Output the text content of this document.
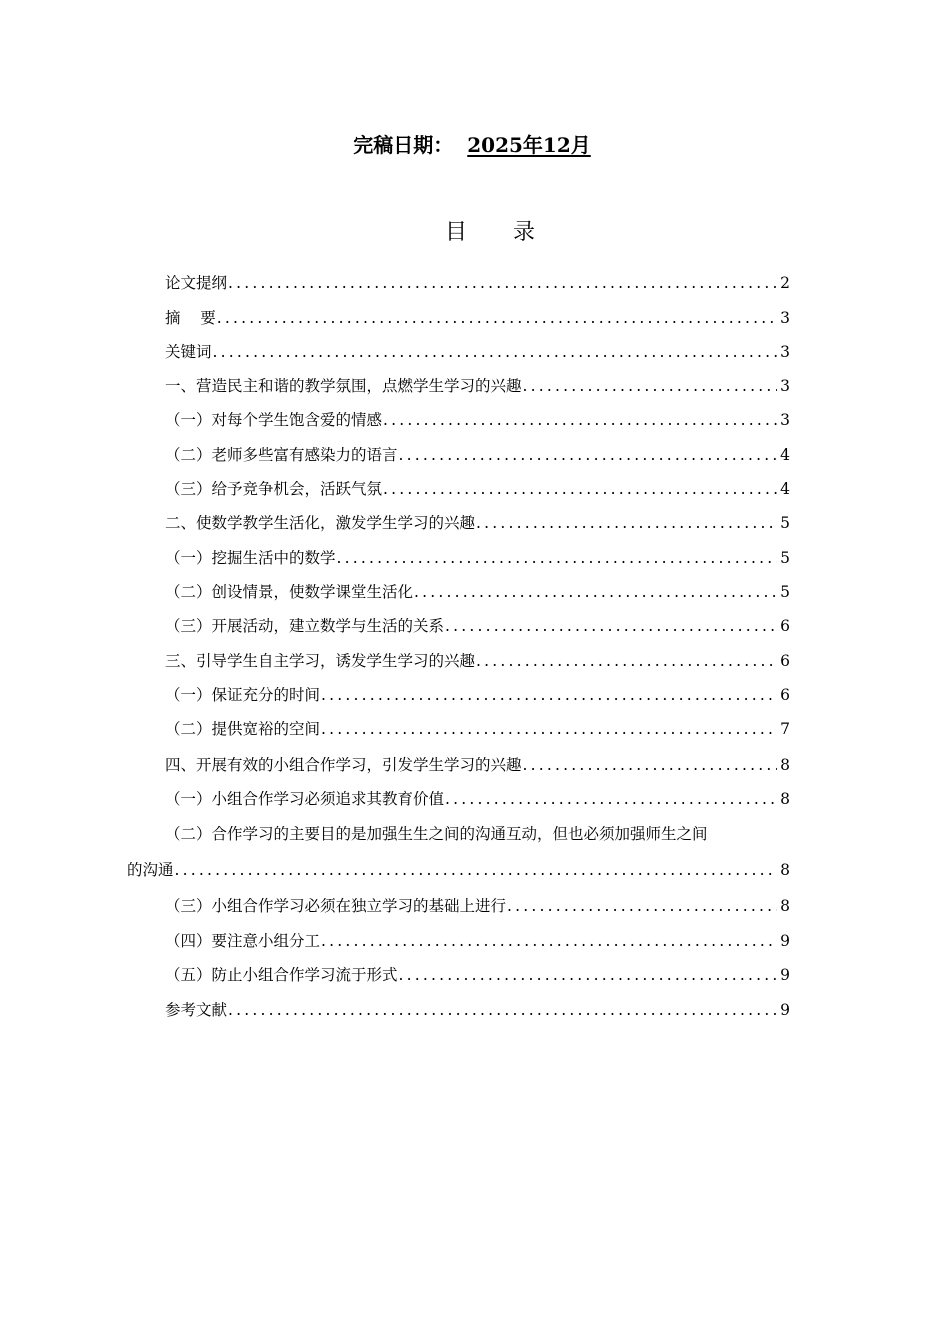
完稿日期： 2025年12月
目 录
论文提纲 .....	2
摘    要 .....	3
关键词 .....	3
一、营造民主和谐的教学氛围，点燃学生学习的兴趣 .....	3
（一）对每个学生饱含爱的情感 .....	3
（二）老师多些富有感染力的语言 .....	4
（三）给予竞争机会，活跃气氛 .....	4
二、使数学教学生活化，激发学生学习的兴趣 .....	5
（一）挖掘生活中的数学 .....	5
（二）创设情景，使数学课堂生活化 .....	5
（三）开展活动，建立数学与生活的关系 .....	6
三、引导学生自主学习，诱发学生学习的兴趣 .....	6
（一）保证充分的时间 .....	6
（二）提供宽裕的空间 .....	7
四、开展有效的小组合作学习，引发学生学习的兴趣 .....	8
（一）小组合作学习必须追求其教育价值 .....	8
（二）合作学习的主要目的是加强生生之间的沟通互动，但也必须加强师生之间
的沟通 .....	8
（三）小组合作学习必须在独立学习的基础上进行 .....	8
（四）要注意小组分工 .....	9
（五）防止小组合作学习流于形式 .....	9
参考文献 .....	9
